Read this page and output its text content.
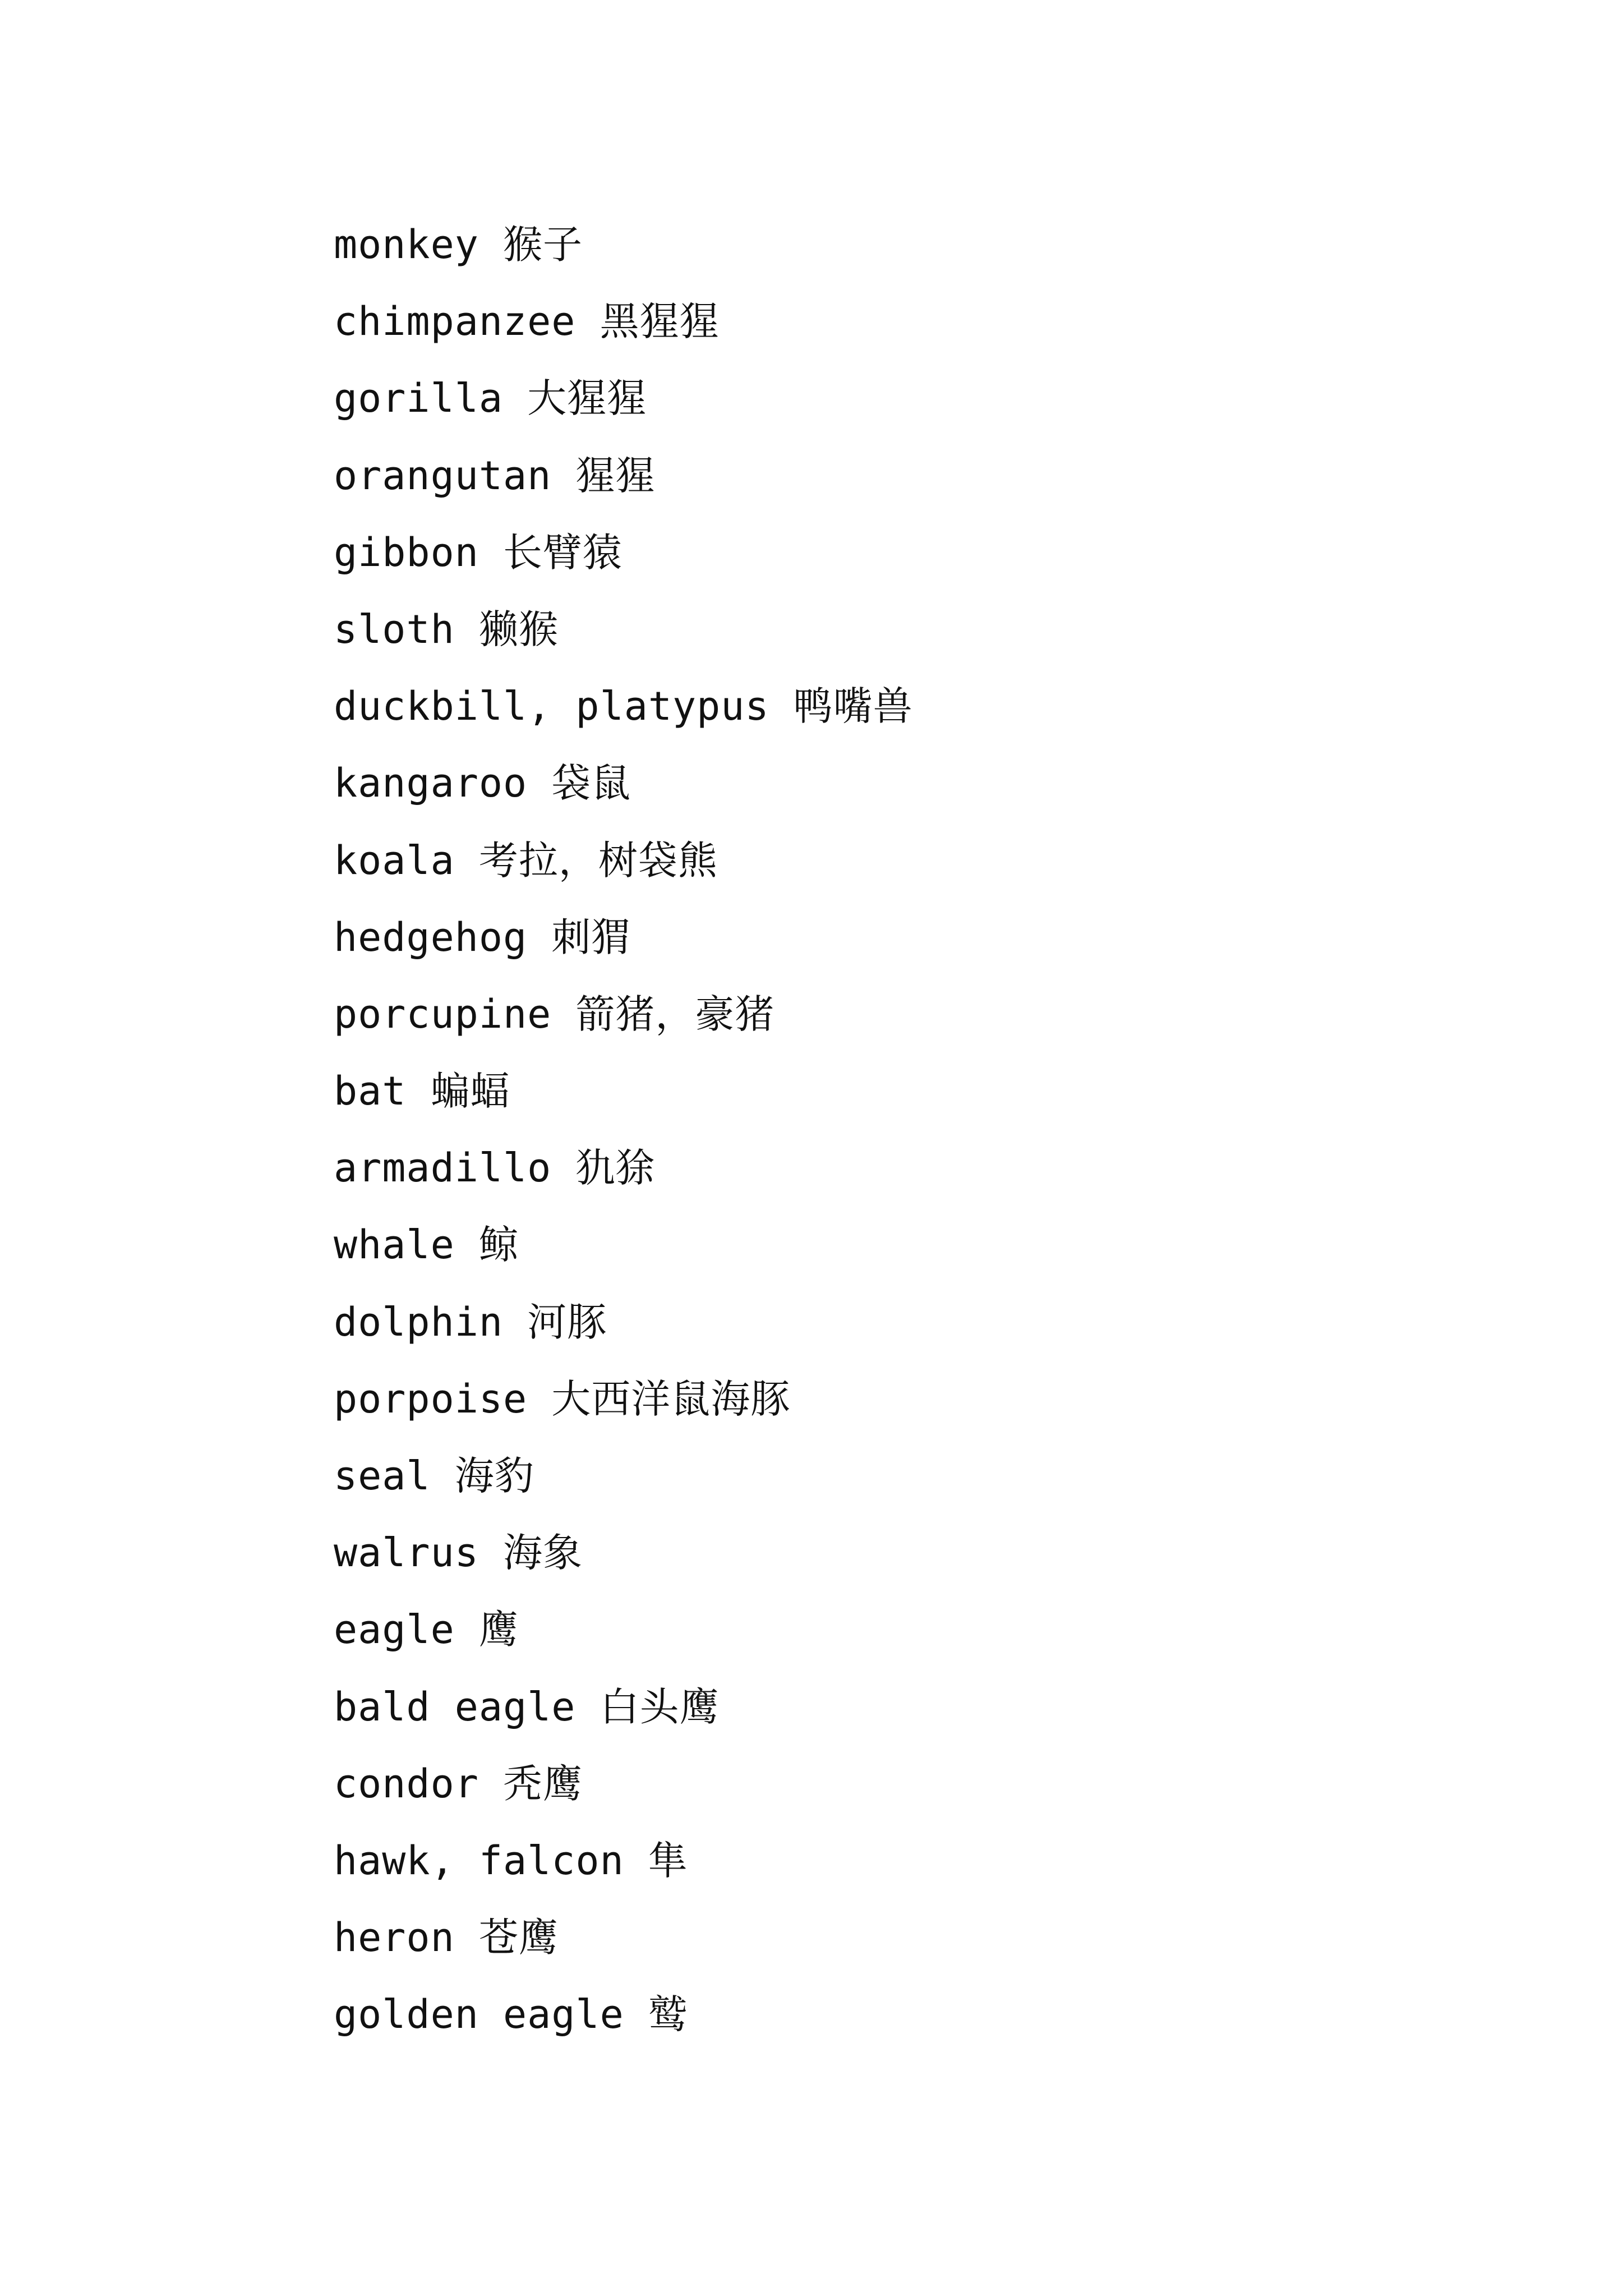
monkey 猴子
chimpanzee 黑猩猩
gorilla 大猩猩
orangutan 猩猩
gibbon 长臂猿
sloth 獭猴
duckbill, platypus 鸭嘴兽
kangaroo 袋鼠
koala 考拉，树袋熊
hedgehog 刺猬
porcupine 箭猪，豪猪
bat 蝙蝠
armadillo 犰狳
whale 鲸
dolphin 河豚
porpoise 大西洋鼠海豚
seal 海豹
walrus 海象
eagle 鹰
bald eagle 白头鹰
condor 秃鹰
hawk, falcon 隼
heron 苍鹰
golden eagle 鹫
